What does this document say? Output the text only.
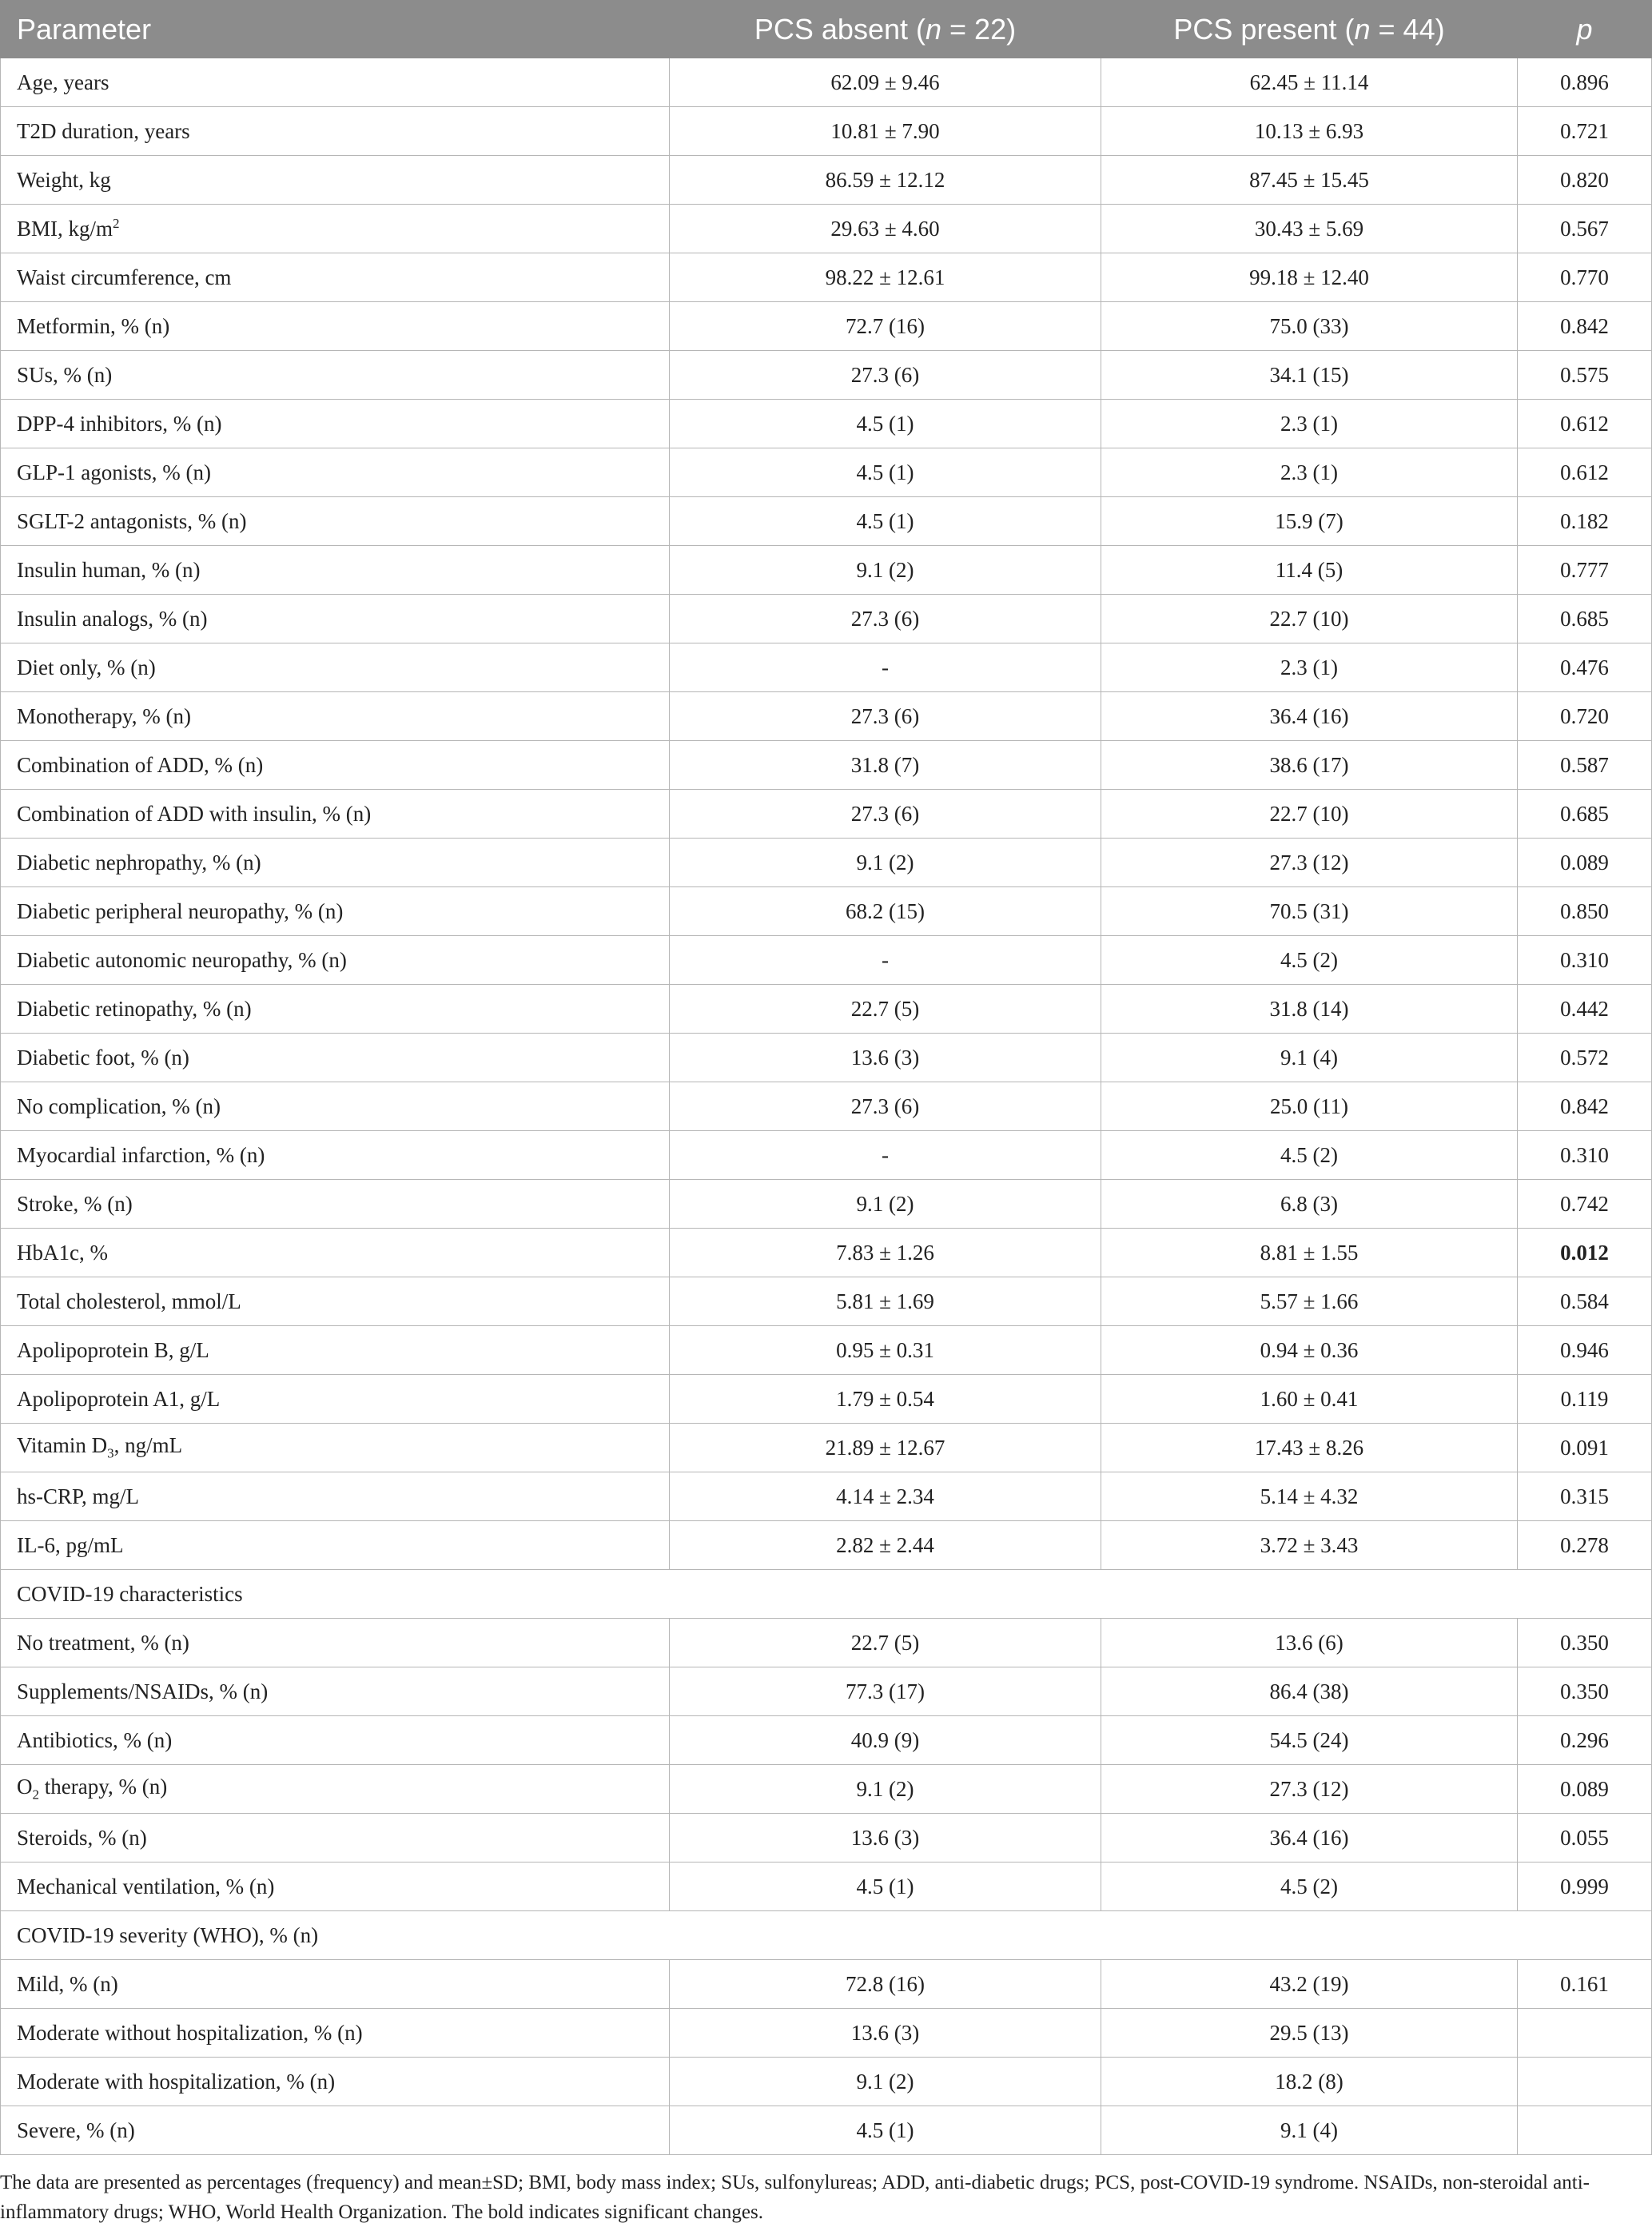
Parameter	PCS absent (n = 22)	PCS present (n = 44)	p
Age, years	62.09 ± 9.46	62.45 ± 11.14	0.896
T2D duration, years	10.81 ± 7.90	10.13 ± 6.93	0.721
Weight, kg	86.59 ± 12.12	87.45 ± 15.45	0.820
BMI, $kg/m^2$	29.63 ± 4.60	30.43 ± 5.69	0.567
Waist circumference, cm	98.22 ± 12.61	99.18 ± 12.40	0.770
Metformin, % (n)	72.7 (16)	75.0 (33)	0.842
SUs, % (n)	27.3 (6)	34.1 (15)	0.575
DPP-4 inhibitors, % (n)	4.5 (1)	2.3 (1)	0.612
GLP-1 agonists, % (n)	4.5 (1)	2.3 (1)	0.612
SGLT-2 antagonists, % (n)	4.5 (1)	15.9 (7)	0.182
Insulin human, % (n)	9.1 (2)	11.4 (5)	0.777
Insulin analogs, % (n)	27.3 (6)	22.7 (10)	0.685
Diet only, % (n)	-	2.3 (1)	0.476
Monotherapy, % (n)	27.3 (6)	36.4 (16)	0.720
Combination of ADD, % (n)	31.8 (7)	38.6 (17)	0.587
Combination of ADD with insulin, % (n)	27.3 (6)	22.7 (10)	0.685
Diabetic nephropathy, % (n)	9.1 (2)	27.3 (12)	0.089
Diabetic peripheral neuropathy, % (n)	68.2 (15)	70.5 (31)	0.850
Diabetic autonomic neuropathy, % (n)	-	4.5 (2)	0.310
Diabetic retinopathy, % (n)	22.7 (5)	31.8 (14)	0.442
Diabetic foot, % (n)	13.6 (3)	9.1 (4)	0.572
No complication, % (n)	27.3 (6)	25.0 (11)	0.842
Myocardial infarction, % (n)	-	4.5 (2)	0.310
Stroke, % (n)	9.1 (2)	6.8 (3)	0.742
HbA1c, %	7.83 ± 1.26	8.81 ± 1.55	0.012
Total cholesterol, mmol/L	5.81 ± 1.69	5.57 ± 1.66	0.584
Apolipoprotein B, g/L	0.95 ± 0.31	0.94 ± 0.36	0.946
Apolipoprotein A1, g/L	1.79 ± 0.54	1.60 ± 0.41	0.119
Vitamin $D_3$, ng/mL	21.89 ± 12.67	17.43 ± 8.26	0.091
hs-CRP, mg/L	4.14 ± 2.34	5.14 ± 4.32	0.315
IL-6, pg/mL	2.82 ± 2.44	3.72 ± 3.43	0.278
COVID-19 characteristics			
No treatment, % (n)	22.7 (5)	13.6 (6)	0.350
Supplements/NSAIDs, % (n)	77.3 (17)	86.4 (38)	0.350
Antibiotics, % (n)	40.9 (9)	54.5 (24)	0.296
$O_2$ therapy, % (n)	9.1 (2)	27.3 (12)	0.089
Steroids, % (n)	13.6 (3)	36.4 (16)	0.055
Mechanical ventilation, % (n)	4.5 (1)	4.5 (2)	0.999
COVID-19 severity (WHO), % (n)			
Mild, % (n)	72.8 (16)	43.2 (19)	0.161
Moderate without hospitalization, % (n)	13.6 (3)	29.5 (13)	
Moderate with hospitalization, % (n)	9.1 (2)	18.2 (8)	
Severe, % (n)	4.5 (1)	9.1 (4)	
The data are presented as percentages (frequency) and mean±SD; BMI, body mass index; SUs, sulfonylureas; ADD, anti-diabetic drugs; PCS, post-COVID-19 syndrome. NSAIDs, non-steroidal anti-inflammatory drugs; WHO, World Health Organization. The bold indicates significant changes.
